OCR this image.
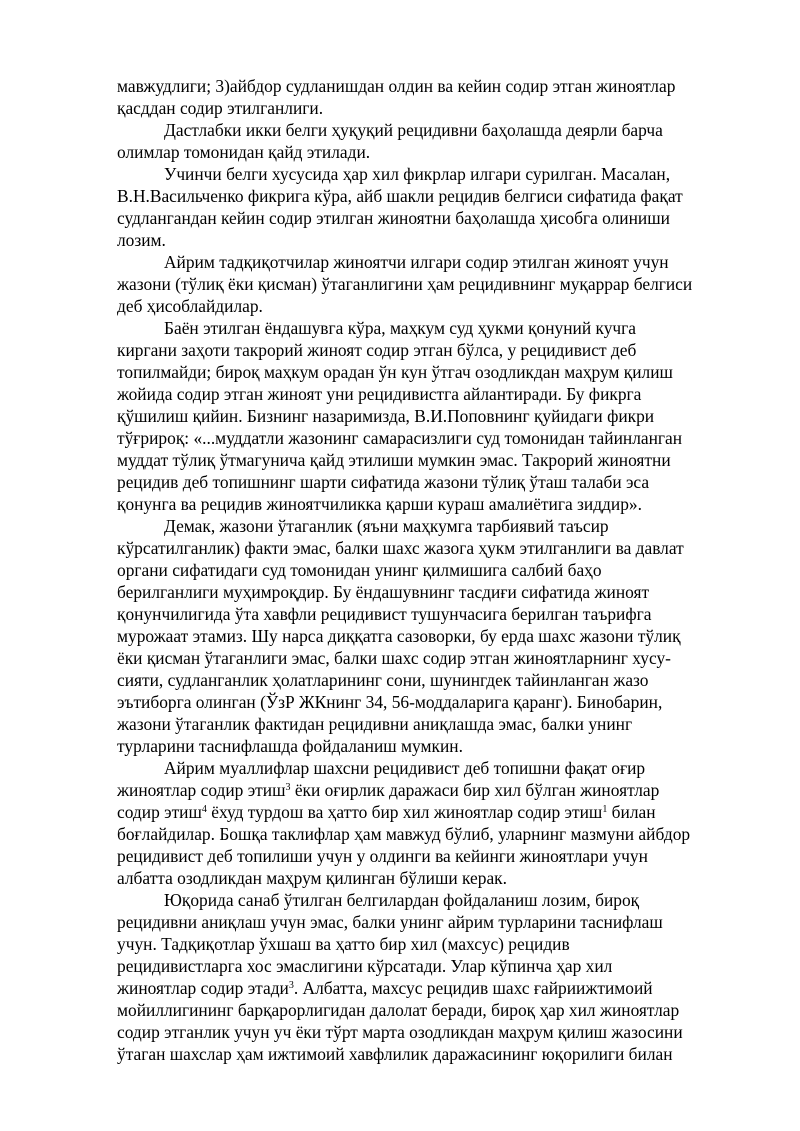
мавжудлиги; 3)айбдор судланишдан олдин ва кейин содир этган жиноятлар
қасддан содир этилганлиги.

Дастлабки икки белги ҳуқуқий рецидивни баҳолашда деярли барча
олимлар томонидан қайд этилади.

Учинчи белги хусусида ҳар хил фикрлар илгари сурилган. Масалан,
В.Н.Васильченко фикрига кўра, айб шакли рецидив белгиси сифатида фақат
судлангандан кейин содир этилган жиноятни баҳолашда ҳисобга олиниши
лозим.

Айрим тадқиқотчилар жиноятчи илгари содир этилган жиноят учун
жазони (тўлиқ ёки қисман) ўтаганлигини ҳам рецидивнинг муқаррар белгиси
деб ҳисоблайдилар.

Баён этилган ёндашувга кўра, маҳкум суд ҳукми қонуний кучга
киргани заҳоти такрорий жиноят содир этган бўлса, у рецидивист деб
топилмайди; бироқ маҳкум орадан ўн кун ўтгач озодликдан маҳрум қилиш
жойида содир этган жиноят уни рецидивистга айлантиради. Бу фикрга
қўшилиш қийин. Бизнинг назаримизда, В.И.Поповнинг қуйидаги фикри
тўғрироқ: «...муддатли жазонинг самарасизлиги суд томонидан тайинланган
муддат тўлиқ ўтмагунича қайд этилиши мумкин эмас. Такрорий жиноятни
рецидив деб топишнинг шарти сифатида жазони тўлиқ ўташ талаби эса
қонунга ва рецидив жиноятчиликка қарши кураш амалиётига зиддир».

Демак, жазони ўтаганлик (яъни маҳкумга тарбиявий таъсир
кўрсатилганлик) факти эмас, балки шахс жазога ҳукм этилганлиги ва давлат
органи сифатидаги суд томонидан унинг қилмишига салбий баҳо
берилганлиги муҳимроқдир. Бу ёндашувнинг тасдиғи сифатида жиноят
қонунчилигида ўта хавфли рецидивист тушунчасига берилган таърифга
мурожаат этамиз. Шу нарса диққатга сазоворки, бу ерда шахс жазони тўлиқ
ёки қисман ўтаганлиги эмас, балки шахс содир этган жиноятларнинг хусу-
сияти, судланганлик ҳолатларининг сони, шунингдек тайинланган жазо
эътиборга олинган (ЎзР ЖКнинг 34, 56-моддаларига қаранг). Бинобарин,
жазони ўтаганлик фактидан рецидивни аниқлашда эмас, балки унинг
турларини таснифлашда фойдаланиш мумкин.

Айрим муаллифлар шахсни рецидивист деб топишни фақат оғир
жиноятлар содир этиш$^3$ ёки оғирлик даражаси бир хил бўлган жиноятлар
содир этиш$^4$ ёхуд турдош ва ҳатто бир хил жиноятлар содир этиш$^1$ билан
боғлайдилар. Бошқа таклифлар ҳам мавжуд бўлиб, уларнинг мазмуни айбдор
рецидивист деб топилиши учун у олдинги ва кейинги жиноятлари учун
албатта озодликдан маҳрум қилинган бўлиши керак.

Юқорида санаб ўтилган белгилардан фойдаланиш лозим, бироқ
рецидивни аниқлаш учун эмас, балки унинг айрим турларини таснифлаш
учун. Тадқиқотлар ўхшаш ва ҳатто бир хил (махсус) рецидив
рецидивистларга хос эмаслигини кўрсатади. Улар кўпинча ҳар хил
жиноятлар содир этади$^3$. Албатта, махсус рецидив шахс ғайриижтимоий
мойиллигининг барқарорлигидан далолат беради, бироқ ҳар хил жиноятлар
содир этганлик учун уч ёки тўрт марта озодликдан маҳрум қилиш жазосини
ўтаган шахслар ҳам ижтимоий хавфлилик даражасининг юқорилиги билан
